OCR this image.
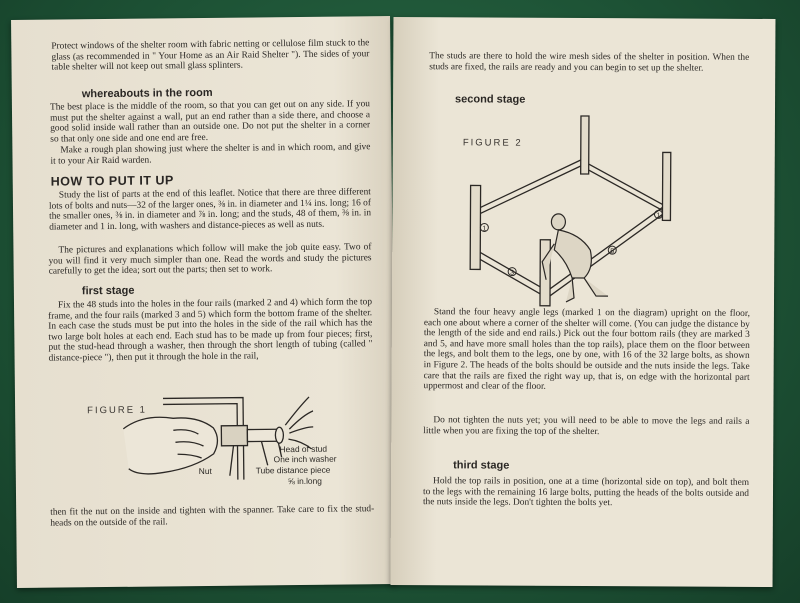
Protect windows of the shelter room with fabric netting or cellulose film stuck to the glass (as recommended in " Your Home as an Air Raid Shelter "). The sides of your table shelter will not keep out small glass splinters.

whereabouts in the room

The best place is the middle of the room, so that you can get out on any side. If you must put the shelter against a wall, put an end rather than a side there, and choose a good solid inside wall rather than an outside one. Do not put the shelter in a corner so that only one side and one end are free.

Make a rough plan showing just where the shelter is and in which room, and give it to your Air Raid warden.

HOW TO PUT IT UP

Study the list of parts at the end of this leaflet. Notice that there are three different lots of bolts and nuts—32 of the larger ones, ⅜ in. in diameter and 1¼ ins. long; 16 of the smaller ones, ⅜ in. in diameter and ⅞ in. long; and the studs, 48 of them, ⅜ in. in diameter and 1 in. long, with washers and distance-pieces as well as nuts.

The pictures and explanations which follow will make the job quite easy. Two of you will find it very much simpler than one. Read the words and study the pictures carefully to get the idea; sort out the parts; then set to work.

first stage

Fix the 48 studs into the holes in the four rails (marked 2 and 4) which form the top frame, and the four rails (marked 3 and 5) which form the bottom frame of the shelter. In each case the studs must be put into the holes in the side of the rail which has the two large bolt holes at each end. Each stud has to be made up from four pieces; first, put the stud-head through a washer, then through the short length of tubing (called " distance-piece "), then put it through the hole in the rail,

FIGURE 1
Head of stud
One inch washer
Nut	Tube distance piece
⅝ in.long

then fit the nut on the inside and tighten with the spanner. Take care to fix the stud-heads on the outside of the rail.

The studs are there to hold the wire mesh sides of the shelter in position. When the studs are fixed, the rails are ready and you can begin to set up the shelter.

second stage

FIGURE 2
1
3
5
1

Stand the four heavy angle legs (marked 1 on the diagram) upright on the floor, each one about where a corner of the shelter will come. (You can judge the distance by the length of the side and end rails.) Pick out the four bottom rails (they are marked 3 and 5, and have more small holes than the top rails), place them on the floor between the legs, and bolt them to the legs, one by one, with 16 of the 32 large bolts, as shown in Figure 2. The heads of the bolts should be outside and the nuts inside the legs. Take care that the rails are fixed the right way up, that is, on edge with the horizontal part uppermost and clear of the floor.

Do not tighten the nuts yet; you will need to be able to move the legs and rails a little when you are fixing the top of the shelter.

third stage

Hold the top rails in position, one at a time (horizontal side on top), and bolt them to the legs with the remaining 16 large bolts, putting the heads of the bolts outside and the nuts inside the legs. Don't tighten the bolts yet.
